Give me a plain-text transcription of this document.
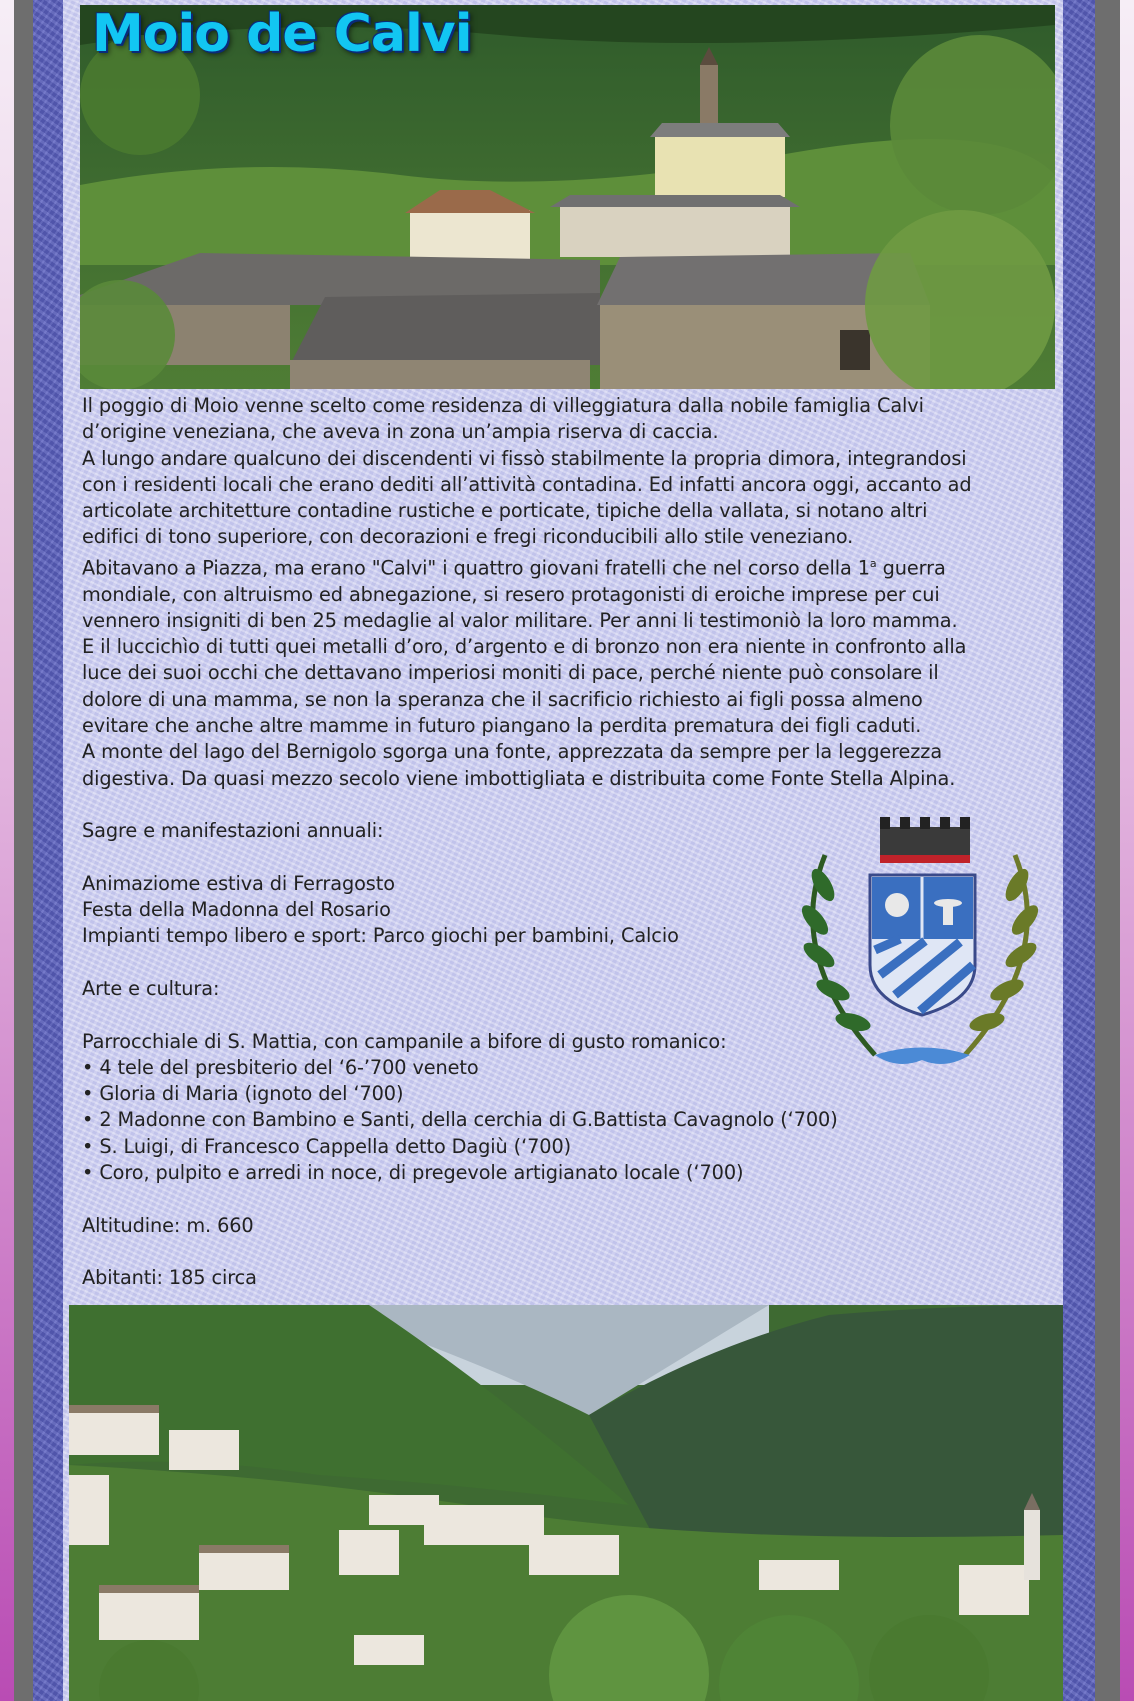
Moio de Calvi

Il poggio di Moio venne scelto come residenza di villeggiatura dalla nobile famiglia Calvi

d’origine veneziana, che aveva in zona un’ampia riserva di caccia.

A lungo andare qualcuno dei discendenti vi fissò stabilmente la propria dimora, integrandosi

con i residenti locali che erano dediti all’attività contadina. Ed infatti ancora oggi, accanto ad

articolate architetture contadine rustiche e porticate, tipiche della vallata, si notano altri

edifici di tono superiore, con decorazioni e fregi riconducibili allo stile veneziano.

Abitavano a Piazza, ma erano "Calvi" i quattro giovani fratelli che nel corso della 1$^a$ guerra

mondiale, con altruismo ed abnegazione, si resero protagonisti di eroiche imprese per cui

vennero insigniti di ben 25 medaglie al valor militare. Per anni li testimoniò la loro mamma.

E il luccichìo di tutti quei metalli d’oro, d’argento e di bronzo non era niente in confronto alla

luce dei suoi occhi che dettavano imperiosi moniti di pace, perché niente può consolare il

dolore di una mamma, se non la speranza che il sacrificio richiesto ai figli possa almeno

evitare che anche altre mamme in futuro piangano la perdita prematura dei figli caduti.

A monte del lago del Bernigolo sgorga una fonte, apprezzata da sempre per la leggerezza

digestiva. Da quasi mezzo secolo viene imbottigliata e distribuita come Fonte Stella Alpina.

Sagre e manifestazioni annuali:

Animaziome estiva di Ferragosto

Festa della Madonna del Rosario

Impianti tempo libero e sport: Parco giochi per bambini, Calcio

Arte e cultura:

Parrocchiale di S. Mattia, con campanile a bifore di gusto romanico:

• 4 tele del presbiterio del ‘6-’700 veneto
• Gloria di Maria (ignoto del ‘700)
• 2 Madonne con Bambino e Santi, della cerchia di G.Battista Cavagnolo (‘700)
• S. Luigi, di Francesco Cappella detto Dagiù (‘700)
• Coro, pulpito e arredi in noce, di pregevole artigianato locale (‘700)

Altitudine: m. 660

Abitanti: 185 circa
